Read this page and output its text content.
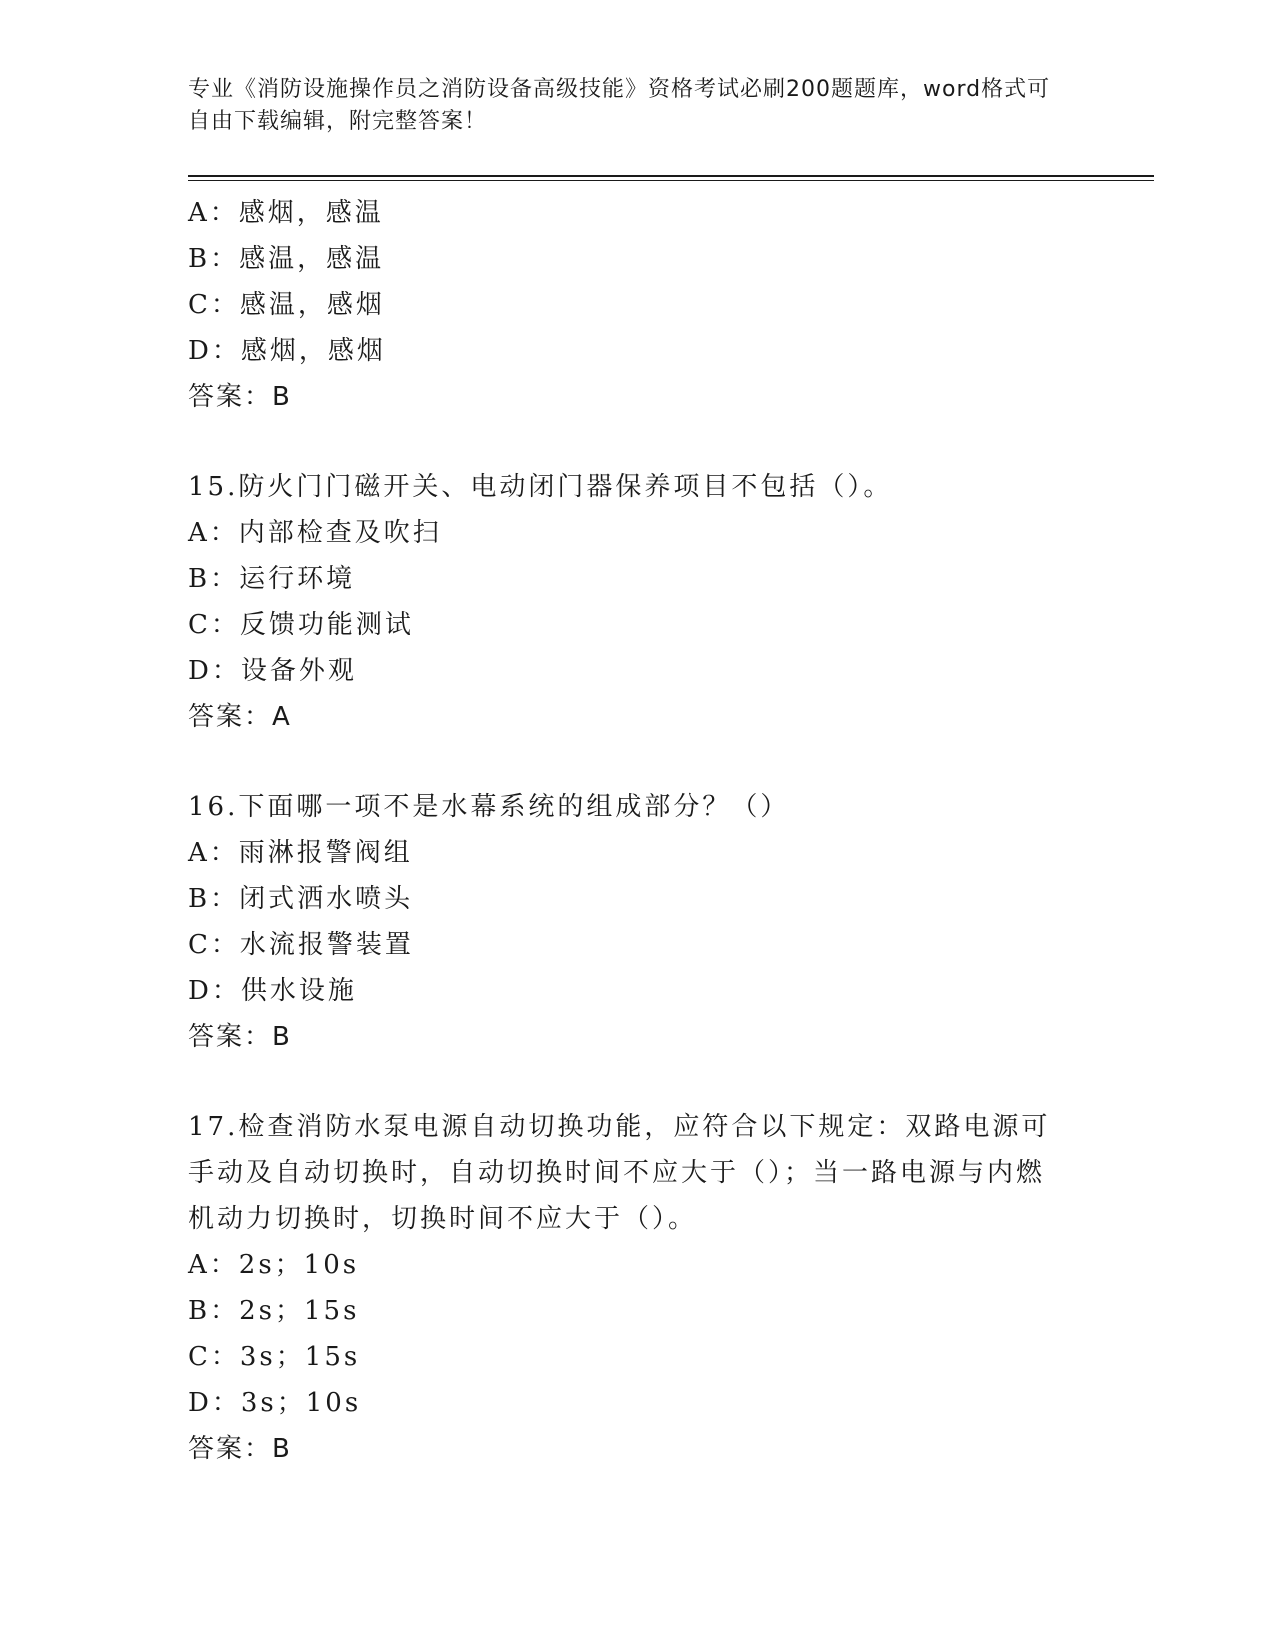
专业《消防设施操作员之消防设备高级技能》资格考试必刷200题题库，word格式可自由下载编辑，附完整答案！
A：感烟，感温
B：感温，感温
C：感温，感烟
D：感烟，感烟
答案：B
15.防火门门磁开关、电动闭门器保养项目不包括（）。
A：内部检查及吹扫
B：运行环境
C：反馈功能测试
D：设备外观
答案：A
16.下面哪一项不是水幕系统的组成部分？（）
A：雨淋报警阀组
B：闭式洒水喷头
C：水流报警装置
D：供水设施
答案：B
17.检查消防水泵电源自动切换功能，应符合以下规定：双路电源可手动及自动切换时，自动切换时间不应大于（）；当一路电源与内燃机动力切换时，切换时间不应大于（）。
A：2s；10s
B：2s；15s
C：3s；15s
D：3s；10s
答案：B
